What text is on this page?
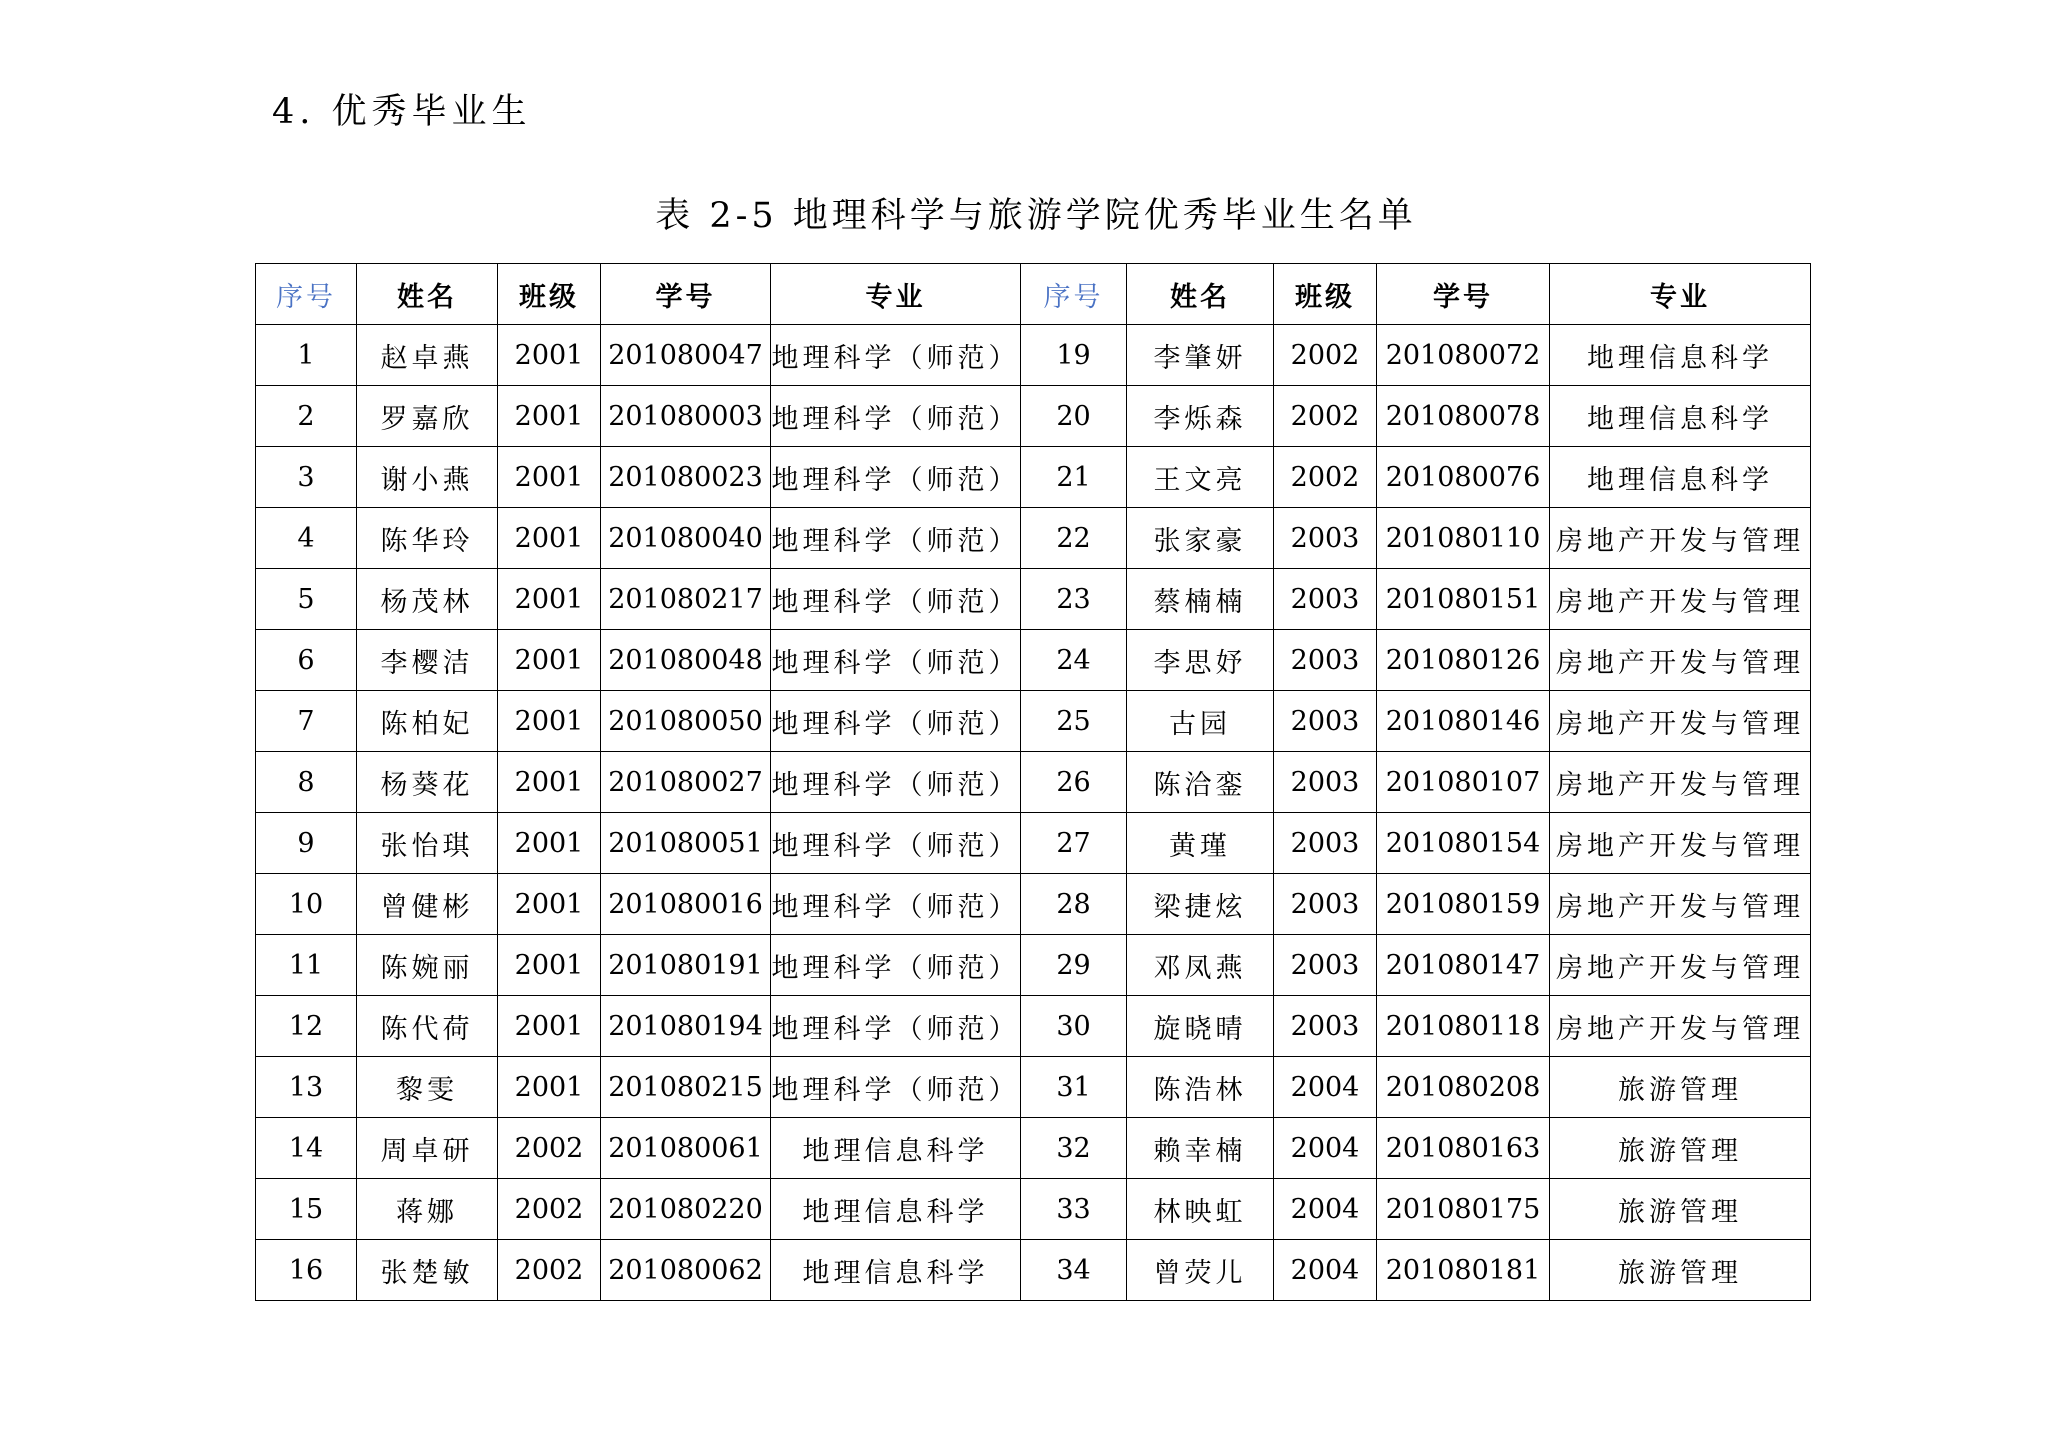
4. 优秀毕业生
表 2-5 地理科学与旅游学院优秀毕业生名单
序号	姓名	班级	学号	专业	序号	姓名	班级	学号	专业
1	赵卓燕	2001	201080047	地理科学（师范）	19	李肇妍	2002	201080072	地理信息科学
2	罗嘉欣	2001	201080003	地理科学（师范）	20	李烁森	2002	201080078	地理信息科学
3	谢小燕	2001	201080023	地理科学（师范）	21	王文亮	2002	201080076	地理信息科学
4	陈华玲	2001	201080040	地理科学（师范）	22	张家豪	2003	201080110	房地产开发与管理
5	杨茂林	2001	201080217	地理科学（师范）	23	蔡楠楠	2003	201080151	房地产开发与管理
6	李樱洁	2001	201080048	地理科学（师范）	24	李思妤	2003	201080126	房地产开发与管理
7	陈柏妃	2001	201080050	地理科学（师范）	25	古园	2003	201080146	房地产开发与管理
8	杨葵花	2001	201080027	地理科学（师范）	26	陈洽銮	2003	201080107	房地产开发与管理
9	张怡琪	2001	201080051	地理科学（师范）	27	黄瑾	2003	201080154	房地产开发与管理
10	曾健彬	2001	201080016	地理科学（师范）	28	梁捷炫	2003	201080159	房地产开发与管理
11	陈婉丽	2001	201080191	地理科学（师范）	29	邓凤燕	2003	201080147	房地产开发与管理
12	陈代荷	2001	201080194	地理科学（师范）	30	旋晓晴	2003	201080118	房地产开发与管理
13	黎雯	2001	201080215	地理科学（师范）	31	陈浩林	2004	201080208	旅游管理
14	周卓研	2002	201080061	地理信息科学	32	赖幸楠	2004	201080163	旅游管理
15	蒋娜	2002	201080220	地理信息科学	33	林映虹	2004	201080175	旅游管理
16	张楚敏	2002	201080062	地理信息科学	34	曾荧儿	2004	201080181	旅游管理
